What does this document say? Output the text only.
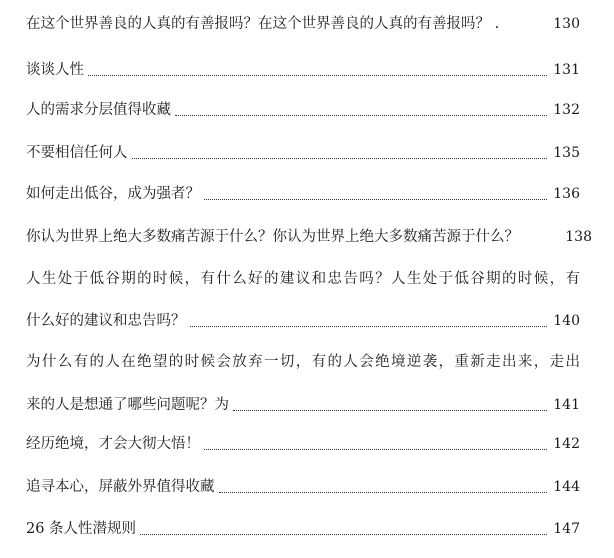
在这个世界善良的人真的有善报吗？在这个世界善良的人真的有善报吗？ .	130
谈谈人性	131
人的需求分层值得收藏	132
不要相信任何人	135
如何走出低谷，成为强者？	136
你认为世界上绝大多数痛苦源于什么？你认为世界上绝大多数痛苦源于什么？	138
人生处于低谷期的时候，有什么好的建议和忠告吗？人生处于低谷期的时候，有
什么好的建议和忠告吗？	140
为什么有的人在绝望的时候会放弃一切，有的人会绝境逆袭，重新走出来，走出
来的人是想通了哪些问题呢？为	141
经历绝境，才会大彻大悟！	142
追寻本心，屏蔽外界值得收藏	144
26 条人性潜规则	147
